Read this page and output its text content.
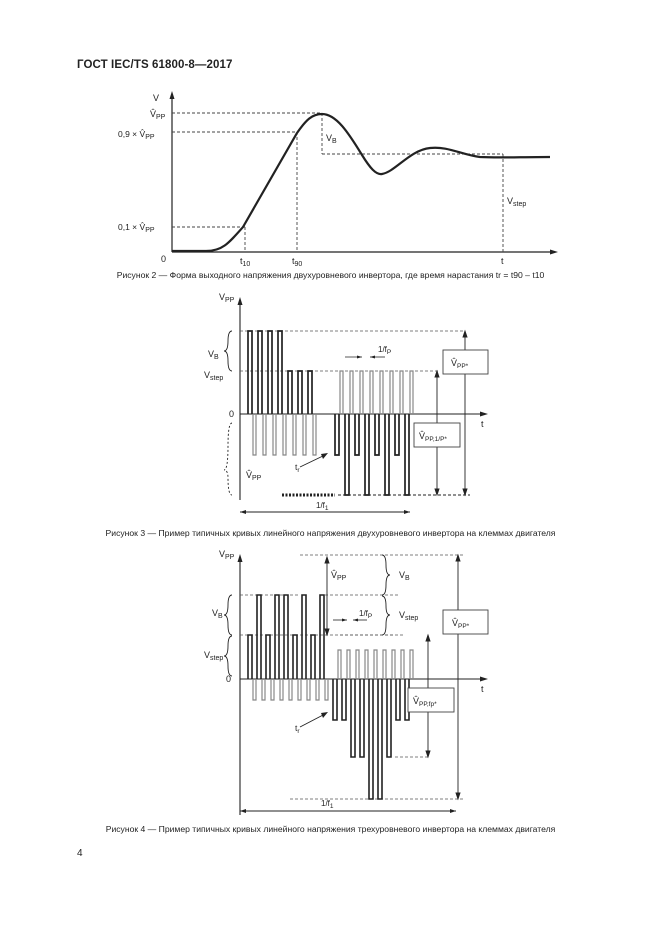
ГОСТ IEC/TS 61800-8—2017
V
$V̂_{PP}$
$0,9 \times V̂_{PP}$
$0,1 \times V̂_{PP}$
0	$t_{10}$	$t_{90}$	t
$V_B$
$V_{step}$
Рисунок 2 — Форма выходного напряжения двухуровневого инвертора, где время нарастания tr = t90 – t10
$V_{PP}$
$V_B$
$V_{step}$
0
t
$1/f_P$
$V̂_{PP*}$
$V̂_{PP,1/P*}$
$t_r$
$V̂_{PP}$
$1/f_1$
Рисунок 3 — Пример типичных кривых линейного напряжения двухуровневого инвертора на клеммах двигателя
$V_{PP}$
$V_B$
$V_{step}$
0
t
$V̂_{PP}$	$V_B$
$V_{step}$
$1/f_P$
$V̂_{PP*}$
$V̂_{PP,fp*}$
$t_r$
$1/f_1$
Рисунок 4 — Пример типичных кривых линейного напряжения трехуровневого инвертора на клеммах двигателя
4
